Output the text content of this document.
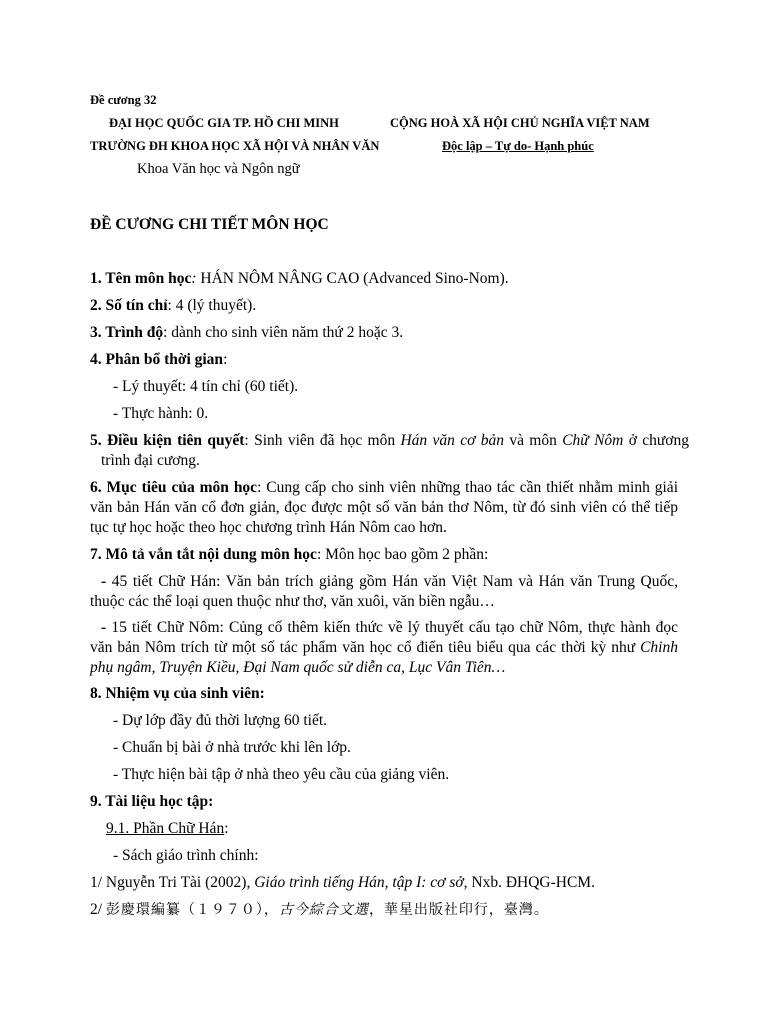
Đề cương 32
ĐẠI HỌC QUỐC GIA TP. HỒ CHI MINH	CỘNG HOÀ XÃ HỘI CHỦ NGHĨA VIỆT NAM
TRƯỜNG ĐH KHOA HỌC XÃ HỘI VÀ NHÂN VĂN	Độc lập – Tự do- Hạnh phúc
Khoa Văn học và Ngôn ngữ
ĐỀ CƯƠNG CHI TIẾT MÔN HỌC
1. Tên môn học: HÁN NÔM NÂNG CAO (Advanced Sino-Nom).
2. Số tín chỉ: 4 (lý thuyết).
3. Trình độ: dành cho sinh viên năm thứ 2 hoặc 3.
4. Phân bổ thời gian:
- Lý thuyết: 4 tín chỉ (60 tiết).
- Thực hành: 0.
5. Điều kiện tiên quyết: Sinh viên đã học môn Hán văn cơ bản và môn Chữ Nôm ở chương trình đại cương.
6. Mục tiêu của môn học: Cung cấp cho sinh viên những thao tác cần thiết nhằm minh giải văn bản Hán văn cổ đơn giản, đọc được một số văn bản thơ Nôm, từ đó sinh viên có thể tiếp tục tự học hoặc theo học chương trình Hán Nôm cao hơn.
7. Mô tả vắn tắt nội dung môn học: Môn học bao gồm 2 phần:
- 45 tiết Chữ Hán: Văn bản trích giảng gồm Hán văn Việt Nam và Hán văn Trung Quốc, thuộc các thể loại quen thuộc như thơ, văn xuôi, văn biền ngẫu…
- 15 tiết Chữ Nôm: Củng cố thêm kiến thức về lý thuyết cấu tạo chữ Nôm, thực hành đọc văn bản Nôm trích từ một số tác phẩm văn học cổ điển tiêu biểu qua các thời kỳ như Chinh phụ ngâm, Truyện Kiều, Đại Nam quốc sử diễn ca, Lục Vân Tiên…
8. Nhiệm vụ của sinh viên:
- Dự lớp đầy đủ thời lượng 60 tiết.
- Chuẩn bị bài ở nhà trước khi lên lớp.
- Thực hiện bài tập ở nhà theo yêu cầu của giảng viên.
9. Tài liệu học tập:
9.1. Phần Chữ Hán:
- Sách giáo trình chính:
1/ Nguyễn Tri Tài (2002), Giáo trình tiếng Hán, tập I: cơ sở, Nxb. ĐHQG-HCM.
2/ 彭慶環編纂（１９７０），古今綜合文選，華星出版社印行，臺灣。
